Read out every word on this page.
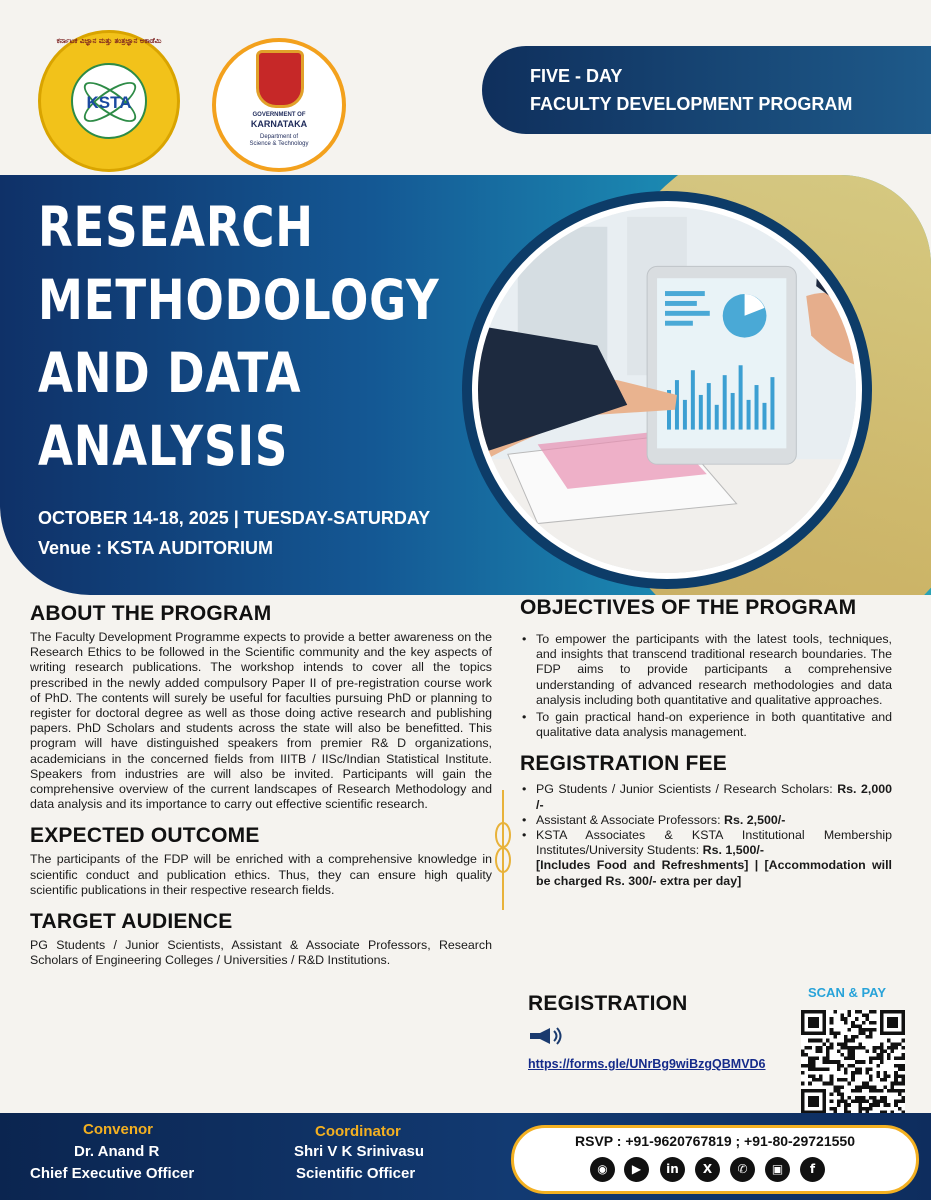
ಕರ್ನಾಟಕ ವಿಜ್ಞಾನ ಮತ್ತು ತಂತ್ರಜ್ಞಾನ ಅಕಾಡೆಮಿ
KSTA
GOVERNMENT OF
KARNATAKA
Department of
Science & Technology
FIVE - DAY
FACULTY DEVELOPMENT PROGRAM
RESEARCH
METHODOLOGY
AND DATA
ANALYSIS
OCTOBER 14-18, 2025 | TUESDAY-SATURDAY
Venue : KSTA AUDITORIUM
ABOUT THE PROGRAM

The Faculty Development Programme expects to provide a better awareness on the Research Ethics to be followed in the Scientific community and the key aspects of writing research publications. The workshop intends to cover all the topics prescribed in the newly added compulsory Paper II of pre-registration course work of PhD. The contents will surely be useful for faculties pursuing PhD or planning to register for doctoral degree as well as those doing active research and publishing papers. PhD Scholars and students across the state will also be benefitted. This program will have distinguished speakers from premier R& D organizations, academicians in the concerned fields from IIITB / IISc/Indian Statistical Institute. Speakers from industries are will also be invited. Participants will gain the comprehensive overview of the current landscapes of Research Methodology and data analysis and its importance to carry out effective scientific research.

EXPECTED OUTCOME

The participants of the FDP will be enriched with a comprehensive knowledge in scientific conduct and publication ethics. Thus, they can ensure high quality scientific publications in their respective research fields.

TARGET AUDIENCE

PG Students / Junior Scientists, Assistant & Associate Professors, Research Scholars of Engineering Colleges / Universities / R&D Institutions.

OBJECTIVES OF THE PROGRAM
• To empower the participants with the latest tools, techniques, and insights that transcend traditional research boundaries. The FDP aims to provide participants a comprehensive understanding of advanced research methodologies and data analysis including both quantitative and qualitative approaches.
• To gain practical hand-on experience in both quantitative and qualitative data analysis management.
REGISTRATION FEE
• PG Students / Junior Scientists / Research Scholars: Rs. 2,000 /-
• Assistant & Associate Professors: Rs. 2,500/-
• KSTA Associates & KSTA Institutional Membership Institutes/University Students: Rs. 1,500/-
[Includes Food and Refreshments] | [Accommodation will be charged Rs. 300/- extra per day]
REGISTRATION
https://forms.gle/UNrBg9wiBzgQBMVD6
SCAN & PAY
Convenor
Dr. Anand R
Chief Executive Officer
Coordinator
Shri V K Srinivasu
Scientific Officer
RSVP : +91-9620767819 ; +91-80-29721550
◉	▶	in	X	✆	▣	f
